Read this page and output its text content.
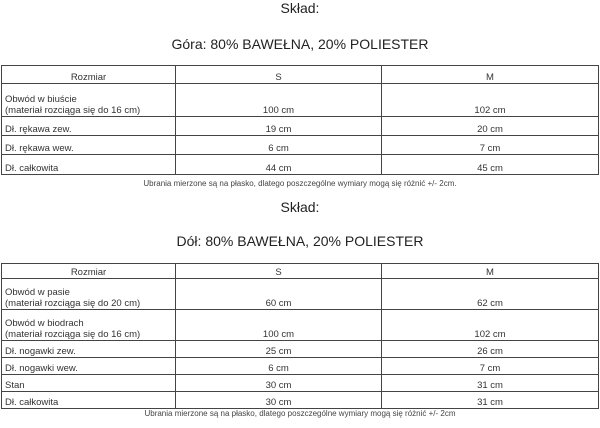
Skład:
Góra: 80% BAWEŁNA, 20% POLIESTER
Rozmiar	S	M

Obwód w biuście
(materiał rozciąga się do 16 cm)	100 cm	102 cm
Dł. rękawa zew.	19 cm	20 cm
Dł. rękawa wew.	6 cm	7 cm
Dł. całkowita	44 cm	45 cm
Ubrania mierzone są na płasko, dlatego poszczególne wymiary mogą się różnić +/- 2cm.
Skład:
Dół: 80% BAWEŁNA, 20% POLIESTER
Rozmiar	S	M

Obwód w pasie
(materiał rozciąga się do 20 cm)	60 cm	62 cm

Obwód w biodrach
(materiał rozciąga się do 16 cm)	100 cm	102 cm
Dł. nogawki zew.	25 cm	26 cm
Dł. nogawki wew.	6 cm	7 cm
Stan	30 cm	31 cm
Dł. całkowita	30 cm	31 cm
Ubrania mierzone są na płasko, dlatego poszczególne wymiary mogą się różnić +/- 2cm
